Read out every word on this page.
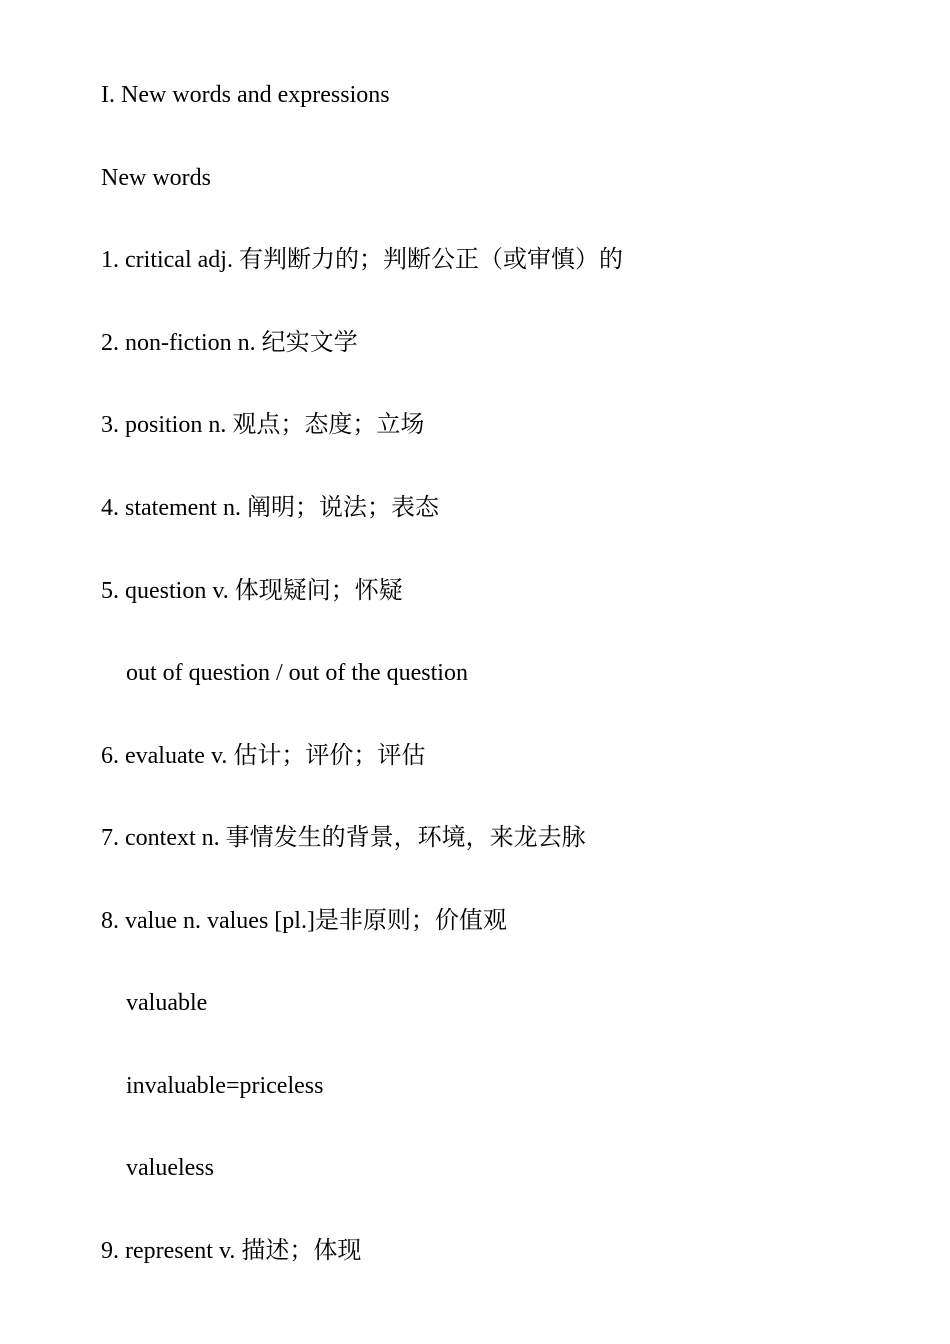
I. New words and expressions
New words
1. critical adj. 有判断力的；判断公正（或审慎）的
2. non-fiction n. 纪实文学
3. position n. 观点；态度；立场
4. statement n. 阐明；说法；表态
5. question v. 体现疑问；怀疑
out of question / out of the question
6. evaluate v. 估计；评价；评估
7. context n. 事情发生的背景，环境，来龙去脉
8. value n. values [pl.]是非原则；价值观
valuable
invaluable=priceless
valueless
9. represent v. 描述；体现
